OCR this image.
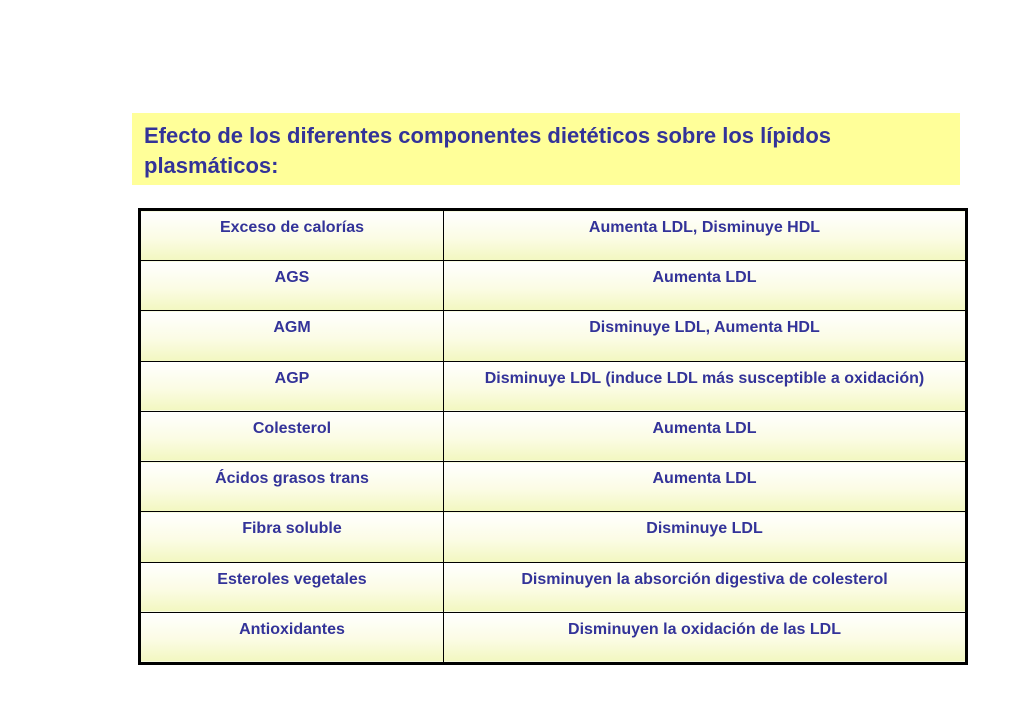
Efecto de los diferentes componentes dietéticos sobre los lípidos plasmáticos:

Exceso de calorías	Aumenta LDL, Disminuye HDL
AGS	Aumenta LDL
AGM	Disminuye LDL, Aumenta HDL
AGP	Disminuye LDL (induce LDL más susceptible a oxidación)
Colesterol	Aumenta LDL
Ácidos grasos trans	Aumenta LDL
Fibra soluble	Disminuye LDL
Esteroles vegetales	Disminuyen la absorción digestiva de colesterol
Antioxidantes	Disminuyen la oxidación de las LDL
